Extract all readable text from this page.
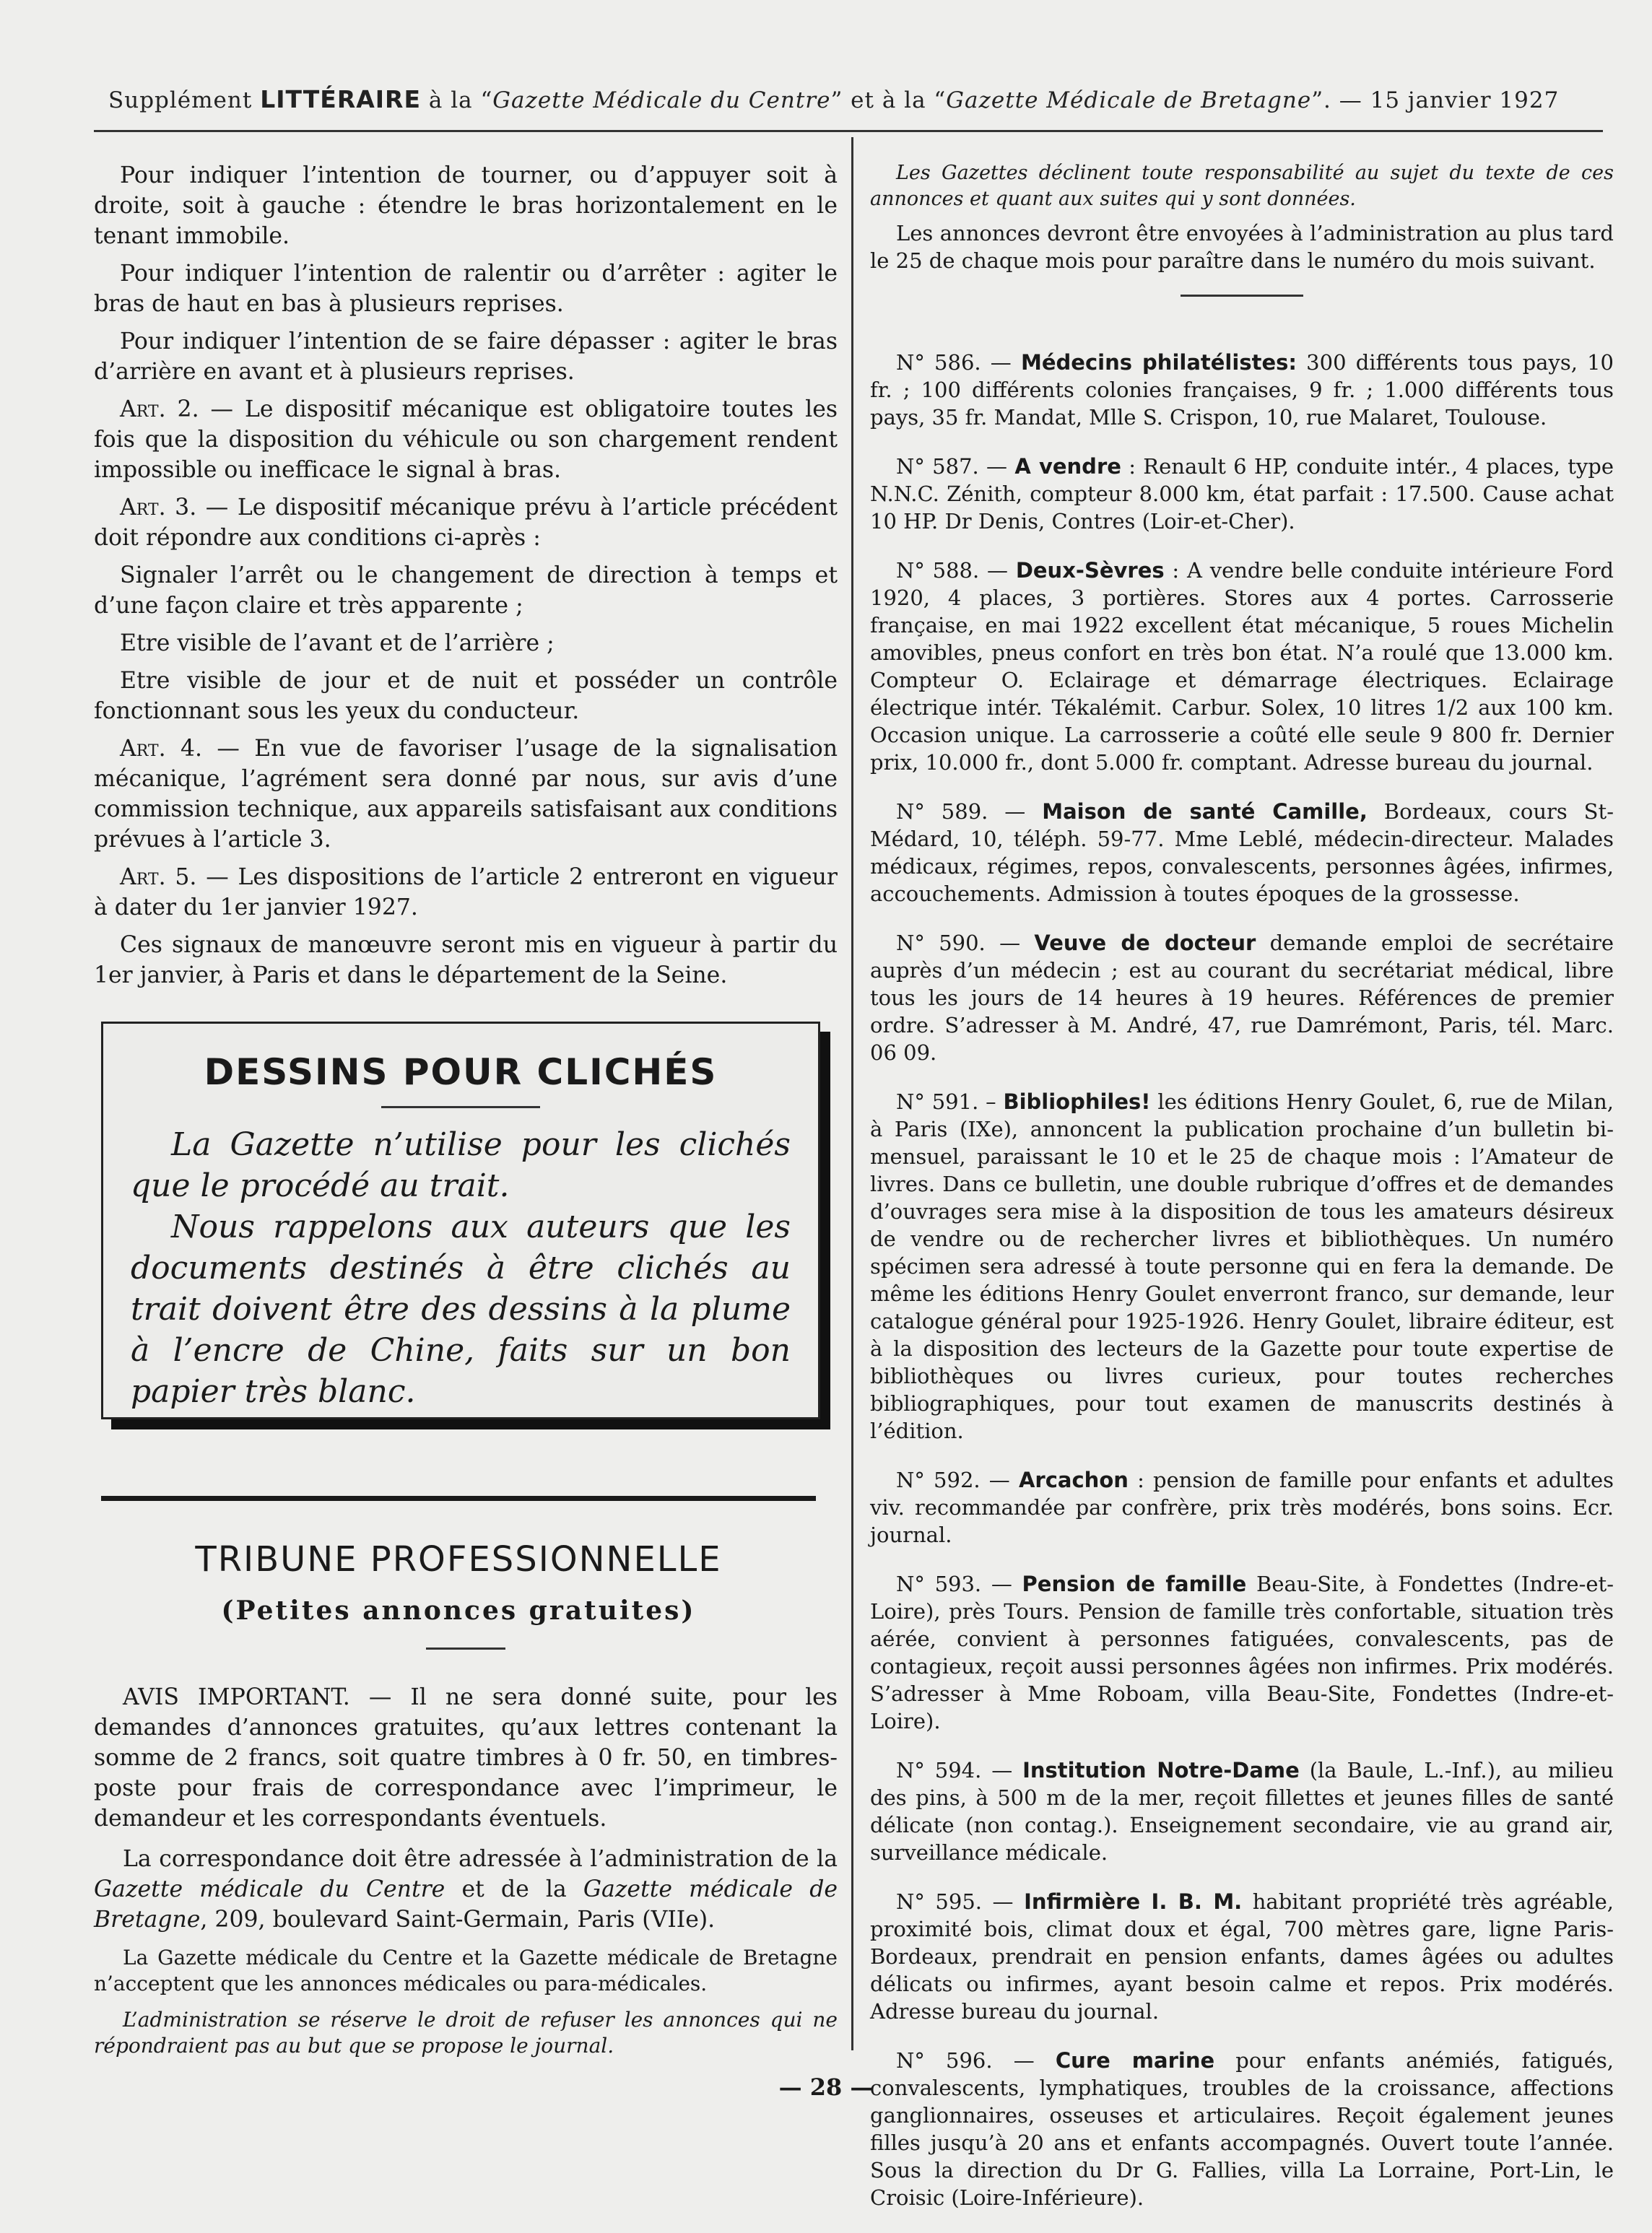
Supplément LITTÉRAIRE à la “Gazette Médicale du Centre” et à la “Gazette Médicale de Bretagne”. — 15 janvier 1927

Pour indiquer l’intention de tourner, ou d’appuyer soit à droite, soit à gauche : étendre le bras horizontalement en le tenant immobile.

Pour indiquer l’intention de ralentir ou d’arrêter : agiter le bras de haut en bas à plusieurs reprises.

Pour indiquer l’intention de se faire dépasser : agiter le bras d’arrière en avant et à plusieurs reprises.

Art. 2. — Le dispositif mécanique est obligatoire toutes les fois que la disposition du véhicule ou son chargement rendent impossible ou inefficace le signal à bras.

Art. 3. — Le dispositif mécanique prévu à l’article précédent doit répondre aux conditions ci-après :

Signaler l’arrêt ou le changement de direction à temps et d’une façon claire et très apparente ;

Etre visible de l’avant et de l’arrière ;

Etre visible de jour et de nuit et posséder un contrôle fonctionnant sous les yeux du conducteur.

Art. 4. — En vue de favoriser l’usage de la signalisation mécanique, l’agrément sera donné par nous, sur avis d’une commission technique, aux appareils satisfaisant aux conditions prévues à l’article 3.

Art. 5. — Les dispositions de l’article 2 entreront en vigueur à dater du 1er janvier 1927.

Ces signaux de manœuvre seront mis en vigueur à partir du 1er janvier, à Paris et dans le département de la Seine.

DESSINS POUR CLICHÉS

La Gazette n’utilise pour les clichés que le procédé au trait.

Nous rappelons aux auteurs que les documents destinés à être clichés au trait doivent être des dessins à la plume à l’encre de Chine, faits sur un bon papier très blanc.

TRIBUNE PROFESSIONNELLE
(Petites annonces gratuites)

AVIS IMPORTANT. — Il ne sera donné suite, pour les demandes d’annonces gratuites, qu’aux lettres contenant la somme de 2 francs, soit quatre timbres à 0 fr. 50, en timbres-poste pour frais de correspondance avec l’imprimeur, le demandeur et les correspondants éventuels.

La correspondance doit être adressée à l’administration de la Gazette médicale du Centre et de la Gazette médicale de Bretagne, 209, boulevard Saint-Germain, Paris (VIIe).

La Gazette médicale du Centre et la Gazette médicale de Bretagne n’acceptent que les annonces médicales ou para-médicales.

L’administration se réserve le droit de refuser les annonces qui ne répondraient pas au but que se propose le journal.

Les Gazettes déclinent toute responsabilité au sujet du texte de ces annonces et quant aux suites qui y sont données.

Les annonces devront être envoyées à l’administration au plus tard le 25 de chaque mois pour paraître dans le numéro du mois suivant.

N° 586. — Médecins philatélistes: 300 différents tous pays, 10 fr. ; 100 différents colonies françaises, 9 fr. ; 1.000 différents tous pays, 35 fr. Mandat, Mlle S. Crispon, 10, rue Malaret, Toulouse.

N° 587. — A vendre : Renault 6 HP, conduite intér., 4 places, type N.N.C. Zénith, compteur 8.000 km, état parfait : 17.500. Cause achat 10 HP. Dr Denis, Contres (Loir-et-Cher).

N° 588. — Deux-Sèvres : A vendre belle conduite intérieure Ford 1920, 4 places, 3 portières. Stores aux 4 portes. Carrosserie française, en mai 1922 excellent état mécanique, 5 roues Michelin amovibles, pneus confort en très bon état. N’a roulé que 13.000 km. Compteur O. Eclairage et démarrage électriques. Eclairage électrique intér. Tékalémit. Carbur. Solex, 10 litres 1/2 aux 100 km. Occasion unique. La carrosserie a coûté elle seule 9 800 fr. Dernier prix, 10.000 fr., dont 5.000 fr. comptant. Adresse bureau du journal.

N° 589. — Maison de santé Camille, Bordeaux, cours St-Médard, 10, téléph. 59-77. Mme Leblé, médecin-directeur. Malades médicaux, régimes, repos, convalescents, personnes âgées, infirmes, accouchements. Admission à toutes époques de la grossesse.

N° 590. — Veuve de docteur demande emploi de secrétaire auprès d’un médecin ; est au courant du secrétariat médical, libre tous les jours de 14 heures à 19 heures. Références de premier ordre. S’adresser à M. André, 47, rue Damrémont, Paris, tél. Marc. 06 09.

N° 591. – Bibliophiles! les éditions Henry Goulet, 6, rue de Milan, à Paris (IXe), annoncent la publication prochaine d’un bulletin bi-mensuel, paraissant le 10 et le 25 de chaque mois : l’Amateur de livres. Dans ce bulletin, une double rubrique d’offres et de demandes d’ouvrages sera mise à la disposition de tous les amateurs désireux de vendre ou de rechercher livres et bibliothèques. Un numéro spécimen sera adressé à toute personne qui en fera la demande. De même les éditions Henry Goulet enverront franco, sur demande, leur catalogue général pour 1925-1926. Henry Goulet, libraire éditeur, est à la disposition des lecteurs de la Gazette pour toute expertise de bibliothèques ou livres curieux, pour toutes recherches bibliographiques, pour tout examen de manuscrits destinés à l’édition.

N° 592. — Arcachon : pension de famille pour enfants et adultes viv. recommandée par confrère, prix très modérés, bons soins. Ecr. journal.

N° 593. — Pension de famille Beau-Site, à Fondettes (Indre-et-Loire), près Tours. Pension de famille très confortable, situation très aérée, convient à personnes fatiguées, convalescents, pas de contagieux, reçoit aussi personnes âgées non infirmes. Prix modérés. S’adresser à Mme Roboam, villa Beau-Site, Fondettes (Indre-et-Loire).

N° 594. — Institution Notre-Dame (la Baule, L.-Inf.), au milieu des pins, à 500 m de la mer, reçoit fillettes et jeunes filles de santé délicate (non contag.). Enseignement secondaire, vie au grand air, surveillance médicale.

N° 595. — Infirmière I. B. M. habitant propriété très agréable, proximité bois, climat doux et égal, 700 mètres gare, ligne Paris-Bordeaux, prendrait en pension enfants, dames âgées ou adultes délicats ou infirmes, ayant besoin calme et repos. Prix modérés. Adresse bureau du journal.

N° 596. — Cure marine pour enfants anémiés, fatigués, convalescents, lymphatiques, troubles de la croissance, affections ganglionnaires, osseuses et articulaires. Reçoit également jeunes filles jusqu’à 20 ans et enfants accompagnés. Ouvert toute l’année. Sous la direction du Dr G. Fallies, villa La Lorraine, Port-Lin, le Croisic (Loire-Inférieure).

— 28 —
